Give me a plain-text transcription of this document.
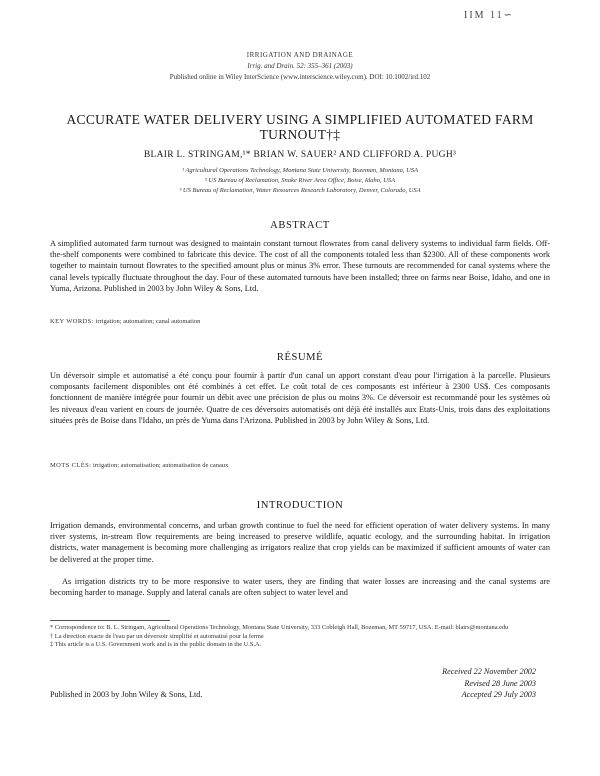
IIM 11∽
IRRIGATION AND DRAINAGE
Irrig. and Drain. 52: 355–361 (2003)
Published online in Wiley InterScience (www.interscience.wiley.com). DOI: 10.1002/ird.102
ACCURATE WATER DELIVERY USING A SIMPLIFIED AUTOMATED FARM TURNOUT†‡
BLAIR L. STRINGAM,¹* BRIAN W. SAUER² AND CLIFFORD A. PUGH³
¹ Agricultural Operations Technology, Montana State University, Bozeman, Montana, USA
² US Bureau of Reclamation, Snake River Area Office, Boise, Idaho, USA
³ US Bureau of Reclamation, Water Resources Research Laboratory, Denver, Colorado, USA
ABSTRACT
A simplified automated farm turnout was designed to maintain constant turnout flowrates from canal delivery systems to individual farm fields. Off-the-shelf components were combined to fabricate this device. The cost of all the components totaled less than $2300. All of these components work together to maintain turnout flowrates to the specified amount plus or minus 3% error. These turnouts are recommended for canal systems where the canal levels typically fluctuate throughout the day. Four of these automated turnouts have been installed; three on farms near Boise, Idaho, and one in Yuma, Arizona. Published in 2003 by John Wiley & Sons, Ltd.
KEY WORDS: irrigation; automation; canal automation
RÉSUMÉ
Un déversoir simple et automatisé a été conçu pour fournir à partir d'un canal un apport constant d'eau pour l'irrigation à la parcelle. Plusieurs composants facilement disponibles ont été combinés à cet effet. Le coût total de ces composants est inférieur à 2300 US$. Ces composants fonctionnent de manière intégrée pour fournir un débit avec une précision de plus ou moins 3%. Ce déversoir est recommandé pour les systèmes où les niveaux d'eau varient en cours de journée. Quatre de ces déversoirs automatisés ont déjà été installés aux Etats-Unis, trois dans des exploitations situées près de Boise dans l'Idaho, un près de Yuma dans l'Arizona. Published in 2003 by John Wiley & Sons, Ltd.
MOTS CLÉS: irrigation; automatisation; automatisation de canaux
INTRODUCTION
Irrigation demands, environmental concerns, and urban growth continue to fuel the need for efficient operation of water delivery systems. In many river systems, in-stream flow requirements are being increased to preserve wildlife, aquatic ecology, and the surrounding habitat. In irrigation districts, water management is becoming more challenging as irrigators realize that crop yields can be maximized if sufficient amounts of water can be delivered at the proper time.
As irrigation districts try to be more responsive to water users, they are finding that water losses are increasing and the canal systems are becoming harder to manage. Supply and lateral canals are often subject to water level and
* Correspondence to: B. L. Stringam, Agricultural Operations Technology, Montana State University, 333 Cobleigh Hall, Bozeman, MT 59717, USA. E-mail: blairs@montana.edu
† La direction exacte de l'eau par un déversoir simplifié et automatisé pour la ferme
‡ This article is a U.S. Government work and is in the public domain in the U.S.A.
Received 22 November 2002
Revised 28 June 2003
Accepted 29 July 2003
Published in 2003 by John Wiley & Sons, Ltd.
